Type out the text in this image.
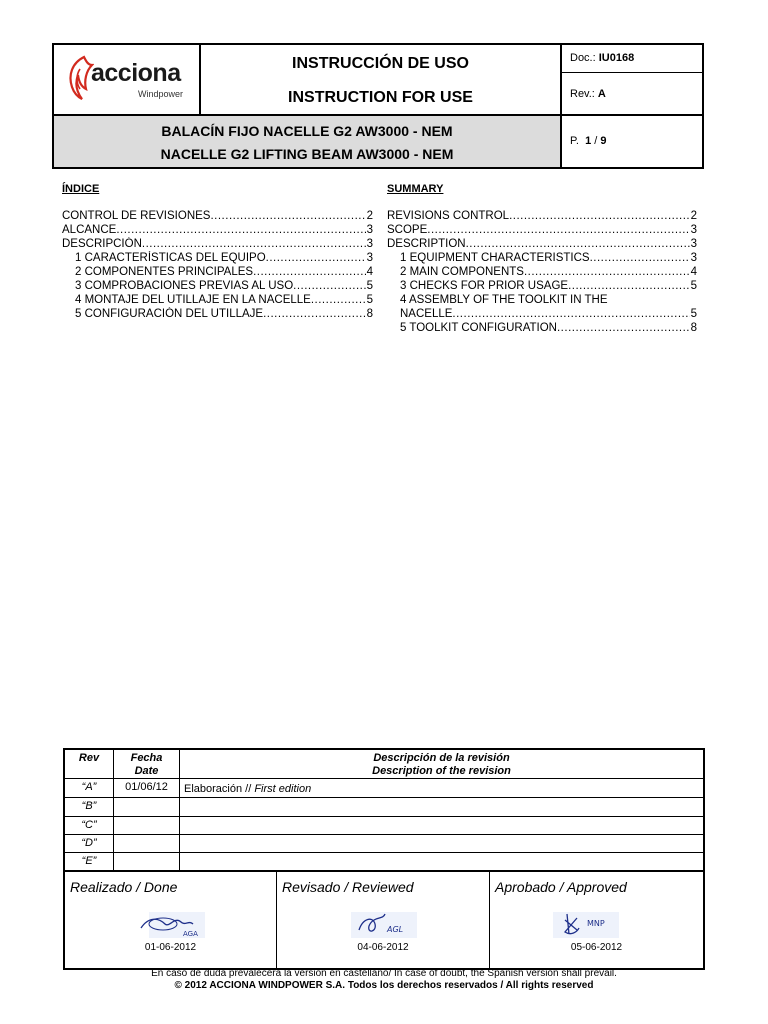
acciona
Windpower
INSTRUCCIÓN DE USO
INSTRUCTION FOR USE
Doc.: IU0168
Rev.: A
BALACÍN FIJO NACELLE G2 AW3000 - NEM
NACELLE G2 LIFTING BEAM AW3000 - NEM
P. 1 / 9
ÍNDICE
CONTROL DE REVISIONES .....	2
ALCANCE .....	3
DESCRIPCIÓN .....	3
1 CARACTERÍSTICAS DEL EQUIPO .....	3
2 COMPONENTES PRINCIPALES .....	4
3 COMPROBACIONES PREVIAS AL USO .....	5
4 MONTAJE DEL UTILLAJE EN LA NACELLE .....	5
5 CONFIGURACIÓN DEL UTILLAJE .....	8
SUMMARY
REVISIONS CONTROL .....	2
SCOPE .....	3
DESCRIPTION .....	3
1 EQUIPMENT CHARACTERISTICS .....	3
2 MAIN COMPONENTS .....	4
3 CHECKS FOR PRIOR USAGE .....	5
4 ASSEMBLY OF THE TOOLKIT IN THE
NACELLE .....	5
5 TOOLKIT CONFIGURATION .....	8
Rev	Fecha
Date
Descripción de la revisión
Description of the revision
“A”	01/06/12	Elaboración // First edition
“B”
“C”
“D”
“E”
Realizado / Done
AGA
01-06-2012
Revisado / Reviewed
AGL
04-06-2012
Aprobado / Approved
MNP
05-06-2012
En caso de duda prevalecerá la versión en castellano/ In case of doubt, the Spanish version shall prevail.
© 2012 ACCIONA WINDPOWER S.A. Todos los derechos reservados / All rights reserved
